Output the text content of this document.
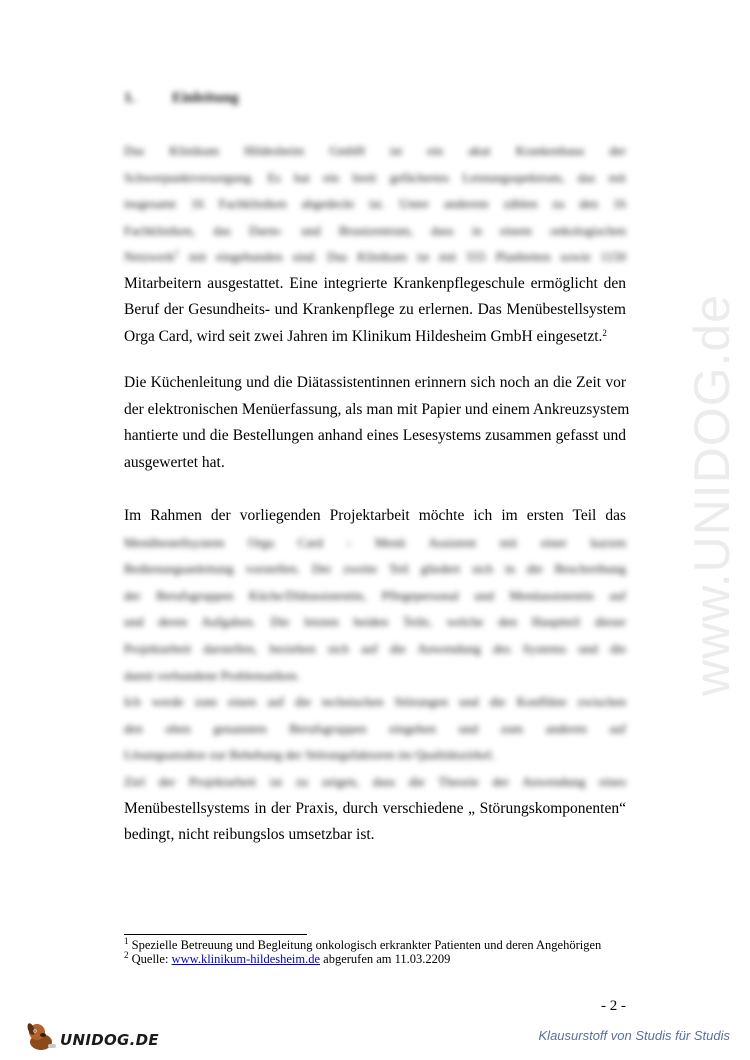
www.UNIDOG.de
1. Einleitung
Das Klinikum Hildesheim GmbH ist ein akut Krankenhaus der
Schwerpunktversorgung. Es hat ein breit gefächertes Leistungsspektrum, das mit
insgesamt 16 Fachkliniken abgedeckt ist. Unter anderem zählen zu den 16
Fachkliniken, das Darm- und Brustzentrum, dass in einem onkologischen
Netzwerk$^1$ mit eingebunden sind. Das Klinikum ist mit 555 Planbetten sowie 1150
Mitarbeitern ausgestattet. Eine integrierte Krankenpflegeschule ermöglicht den
Beruf der Gesundheits- und Krankenpflege zu erlernen. Das Menübestellsystem
Orga Card, wird seit zwei Jahren im Klinikum Hildesheim GmbH eingesetzt.$^2$
Die Küchenleitung und die Diätassistentinnen erinnern sich noch an die Zeit vor
der elektronischen Menüerfassung, als man mit Papier und einem Ankreuzsystem
hantierte und die Bestellungen anhand eines Lesesystems zusammen gefasst und
ausgewertet hat.
Im Rahmen der vorliegenden Projektarbeit möchte ich im ersten Teil das
Menübestellsystem Orga Card - Menü Assistent mit einer kurzen
Bedienungsanleitung vorstellen. Der zweite Teil gliedert sich in die Beschreibung
der Berufsgruppen Küche/Diätassistentin, Pflegepersonal und Menüassistentin auf
und deren Aufgaben. Die letzten beiden Teile, welche den Hauptteil dieser
Projektarbeit darstellen, beziehen sich auf die Anwendung des Systems und die
damit verbundene Problematiken.
Ich werde zum einen auf die technischen Störungen und die Konflikte zwischen
den oben genannten Berufsgruppen eingehen und zum anderen auf
Lösungsansätze zur Behebung der Störungsfaktoren im Qualitätszirkel.
Ziel der Projektarbeit ist zu zeigen, dass die Theorie der Anwendung eines
Menübestellsystems in der Praxis, durch verschiedene „ Störungskomponenten“
bedingt, nicht reibungslos umsetzbar ist.
$^1$ Spezielle Betreuung und Begleitung onkologisch erkrankter Patienten und deren Angehörigen
$^2$ Quelle: www.klinikum-hildesheim.de abgerufen am 11.03.2209
- 2 -
UNIDOG.DE	Klausurstoff von Studis für Studis
